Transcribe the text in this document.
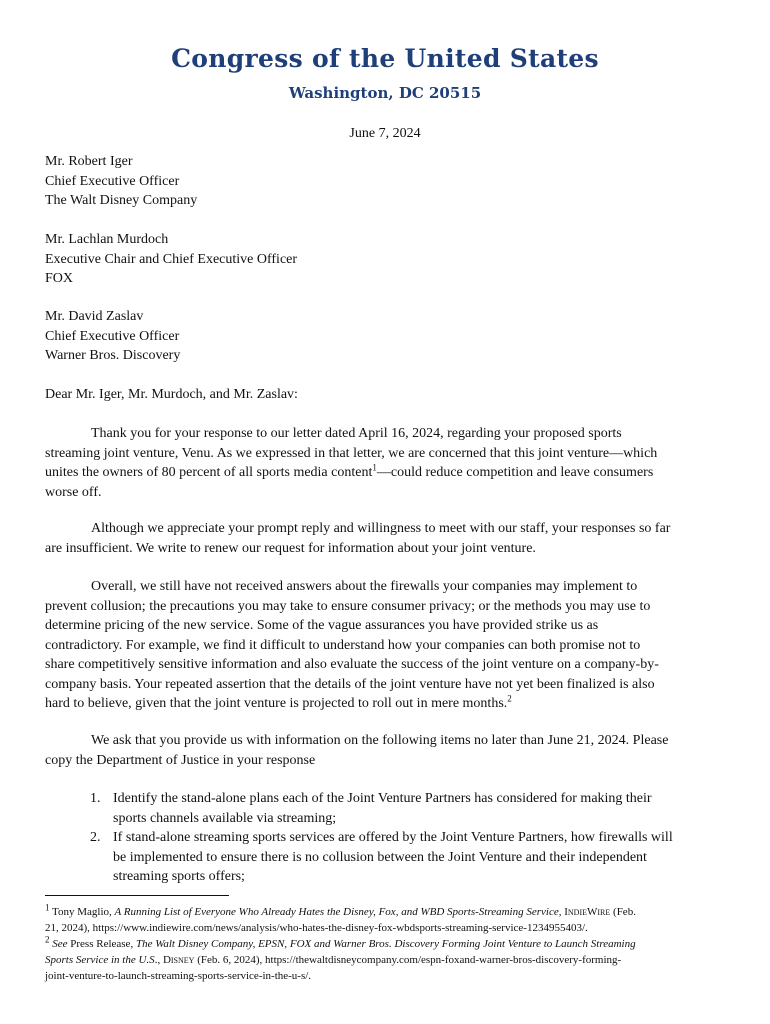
Congress of the United States
Washington, DC 20515
June 7, 2024
Mr. Robert Iger
Chief Executive Officer
The Walt Disney Company
Mr. Lachlan Murdoch
Executive Chair and Chief Executive Officer
FOX
Mr. David Zaslav
Chief Executive Officer
Warner Bros. Discovery
Dear Mr. Iger, Mr. Murdoch, and Mr. Zaslav:
Thank you for your response to our letter dated April 16, 2024, regarding your proposed sports
streaming joint venture, Venu. As we expressed in that letter, we are concerned that this joint venture—which
unites the owners of 80 percent of all sports media content$^1$—could reduce competition and leave consumers
worse off.
Although we appreciate your prompt reply and willingness to meet with our staff, your responses so far
are insufficient. We write to renew our request for information about your joint venture.
Overall, we still have not received answers about the firewalls your companies may implement to
prevent collusion; the precautions you may take to ensure consumer privacy; or the methods you may use to
determine pricing of the new service. Some of the vague assurances you have provided strike us as
contradictory. For example, we find it difficult to understand how your companies can both promise not to
share competitively sensitive information and also evaluate the success of the joint venture on a company-by-
company basis. Your repeated assertion that the details of the joint venture have not yet been finalized is also
hard to believe, given that the joint venture is projected to roll out in mere months.$^2$
We ask that you provide us with information on the following items no later than June 21, 2024. Please
copy the Department of Justice in your response
1. Identify the stand-alone plans each of the Joint Venture Partners has considered for making their
sports channels available via streaming;
2. If stand-alone streaming sports services are offered by the Joint Venture Partners, how firewalls will
be implemented to ensure there is no collusion between the Joint Venture and their independent
streaming sports offers;
$^1$ Tony Maglio, A Running List of Everyone Who Already Hates the Disney, Fox, and WBD Sports-Streaming Service, IndieWire (Feb.
21, 2024), https://www.indiewire.com/news/analysis/who-hates-the-disney-fox-wbdsports-streaming-service-1234955403/.
$^2$ See Press Release, The Walt Disney Company, EPSN, FOX and Warner Bros. Discovery Forming Joint Venture to Launch Streaming
Sports Service in the U.S., Disney (Feb. 6, 2024), https://thewaltdisneycompany.com/espn-foxand-warner-bros-discovery-forming-
joint-venture-to-launch-streaming-sports-service-in-the-u-s/.
